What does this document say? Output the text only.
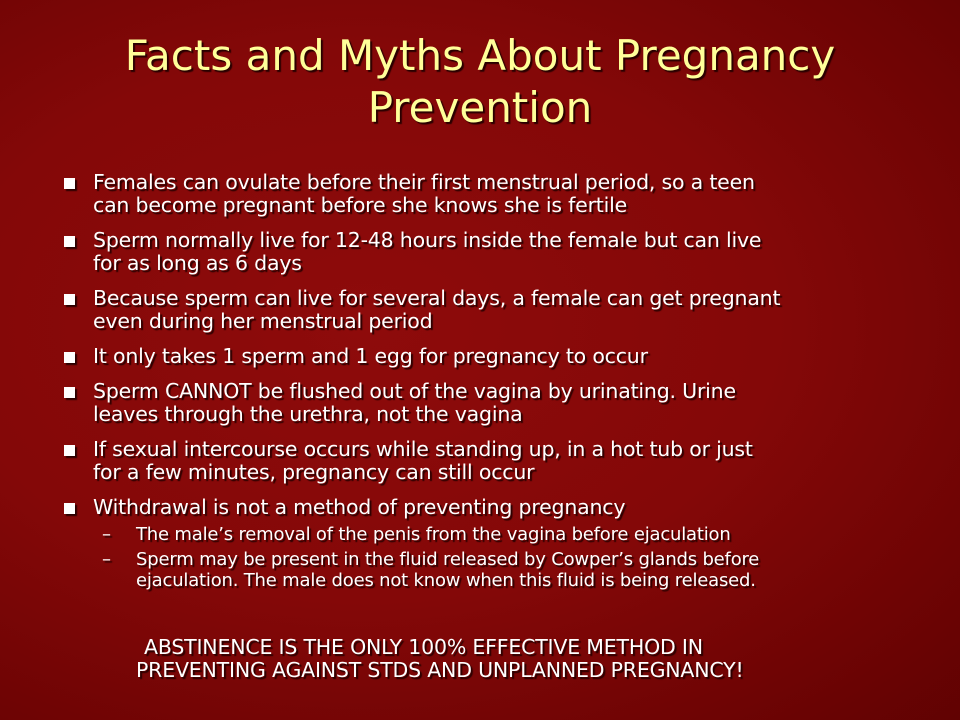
Facts and Myths About Pregnancy
Prevention
Females can ovulate before their first menstrual period, so a teen
can become pregnant before she knows she is fertile
Sperm normally live for 12-48 hours inside the female but can live
for as long as 6 days
Because sperm can live for several days, a female can get pregnant
even during her menstrual period
It only takes 1 sperm and 1 egg for pregnancy to occur
Sperm CANNOT be flushed out of the vagina by urinating. Urine
leaves through the urethra, not the vagina
If sexual intercourse occurs while standing up, in a hot tub or just
for a few minutes, pregnancy can still occur
Withdrawal is not a method of preventing pregnancy
– The male’s removal of the penis from the vagina before ejaculation
– Sperm may be present in the fluid released by Cowper’s glands before
ejaculation. The male does not know when this fluid is being released.
ABSTINENCE IS THE ONLY 100% EFFECTIVE METHOD IN
PREVENTING AGAINST STDS AND UNPLANNED PREGNANCY!
